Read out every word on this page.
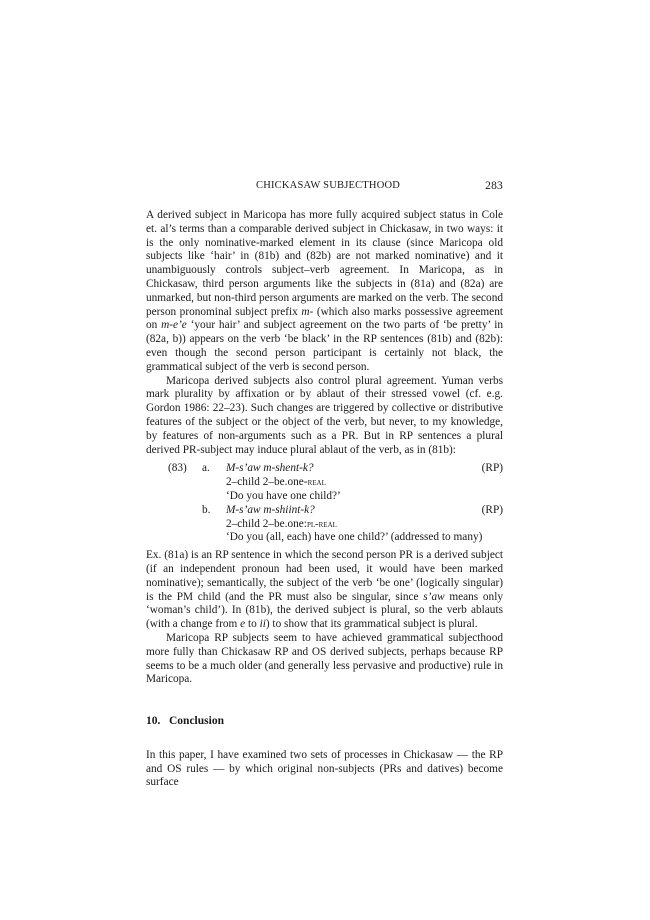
CHICKASAW SUBJECTHOOD	283

A derived subject in Maricopa has more fully acquired subject status in Cole et. al’s terms than a comparable derived subject in Chickasaw, in two ways: it is the only nominative-marked element in its clause (since Maricopa old subjects like ‘hair’ in (81b) and (82b) are not marked nominative) and it unambiguously controls subject–verb agreement. In Maricopa, as in Chickasaw, third person arguments like the subjects in (81a) and (82a) are unmarked, but non-third person arguments are marked on the verb. The second person pronominal subject prefix m- (which also marks possessive agreement on m-e’e ‘your hair’ and subject agreement on the two parts of ‘be pretty’ in (82a, b)) appears on the verb ‘be black’ in the RP sentences (81b) and (82b): even though the second person participant is certainly not black, the grammatical subject of the verb is second person.

Maricopa derived subjects also control plural agreement. Yuman verbs mark plurality by affixation or by ablaut of their stressed vowel (cf. e.g. Gordon 1986: 22–23). Such changes are triggered by collective or distributive features of the subject or the object of the verb, but never, to my knowledge, by features of non-arguments such as a PR. But in RP sentences a plural derived PR-subject may induce plural ablaut of the verb, as in (81b):

(83) a. M-s’aw m-shent-k?	(RP)
2–child 2–be.one-real
‘Do you have one child?’
b. M-s’aw m-shiint-k?	(RP)
2–child 2–be.one:pl-real
‘Do you (all, each) have one child?’ (addressed to many)

Ex. (81a) is an RP sentence in which the second person PR is a derived subject (if an independent pronoun had been used, it would have been marked nominative); semantically, the subject of the verb ‘be one’ (logically singular) is the PM child (and the PR must also be singular, since s’aw means only ‘woman’s child’). In (81b), the derived subject is plural, so the verb ablauts (with a change from e to ii) to show that its grammatical subject is plural.

Maricopa RP subjects seem to have achieved grammatical subjecthood more fully than Chickasaw RP and OS derived subjects, perhaps because RP seems to be a much older (and generally less pervasive and productive) rule in Maricopa.

10.   Conclusion

In this paper, I have examined two sets of processes in Chickasaw — the RP and OS rules — by which original non-subjects (PRs and datives) become surface
